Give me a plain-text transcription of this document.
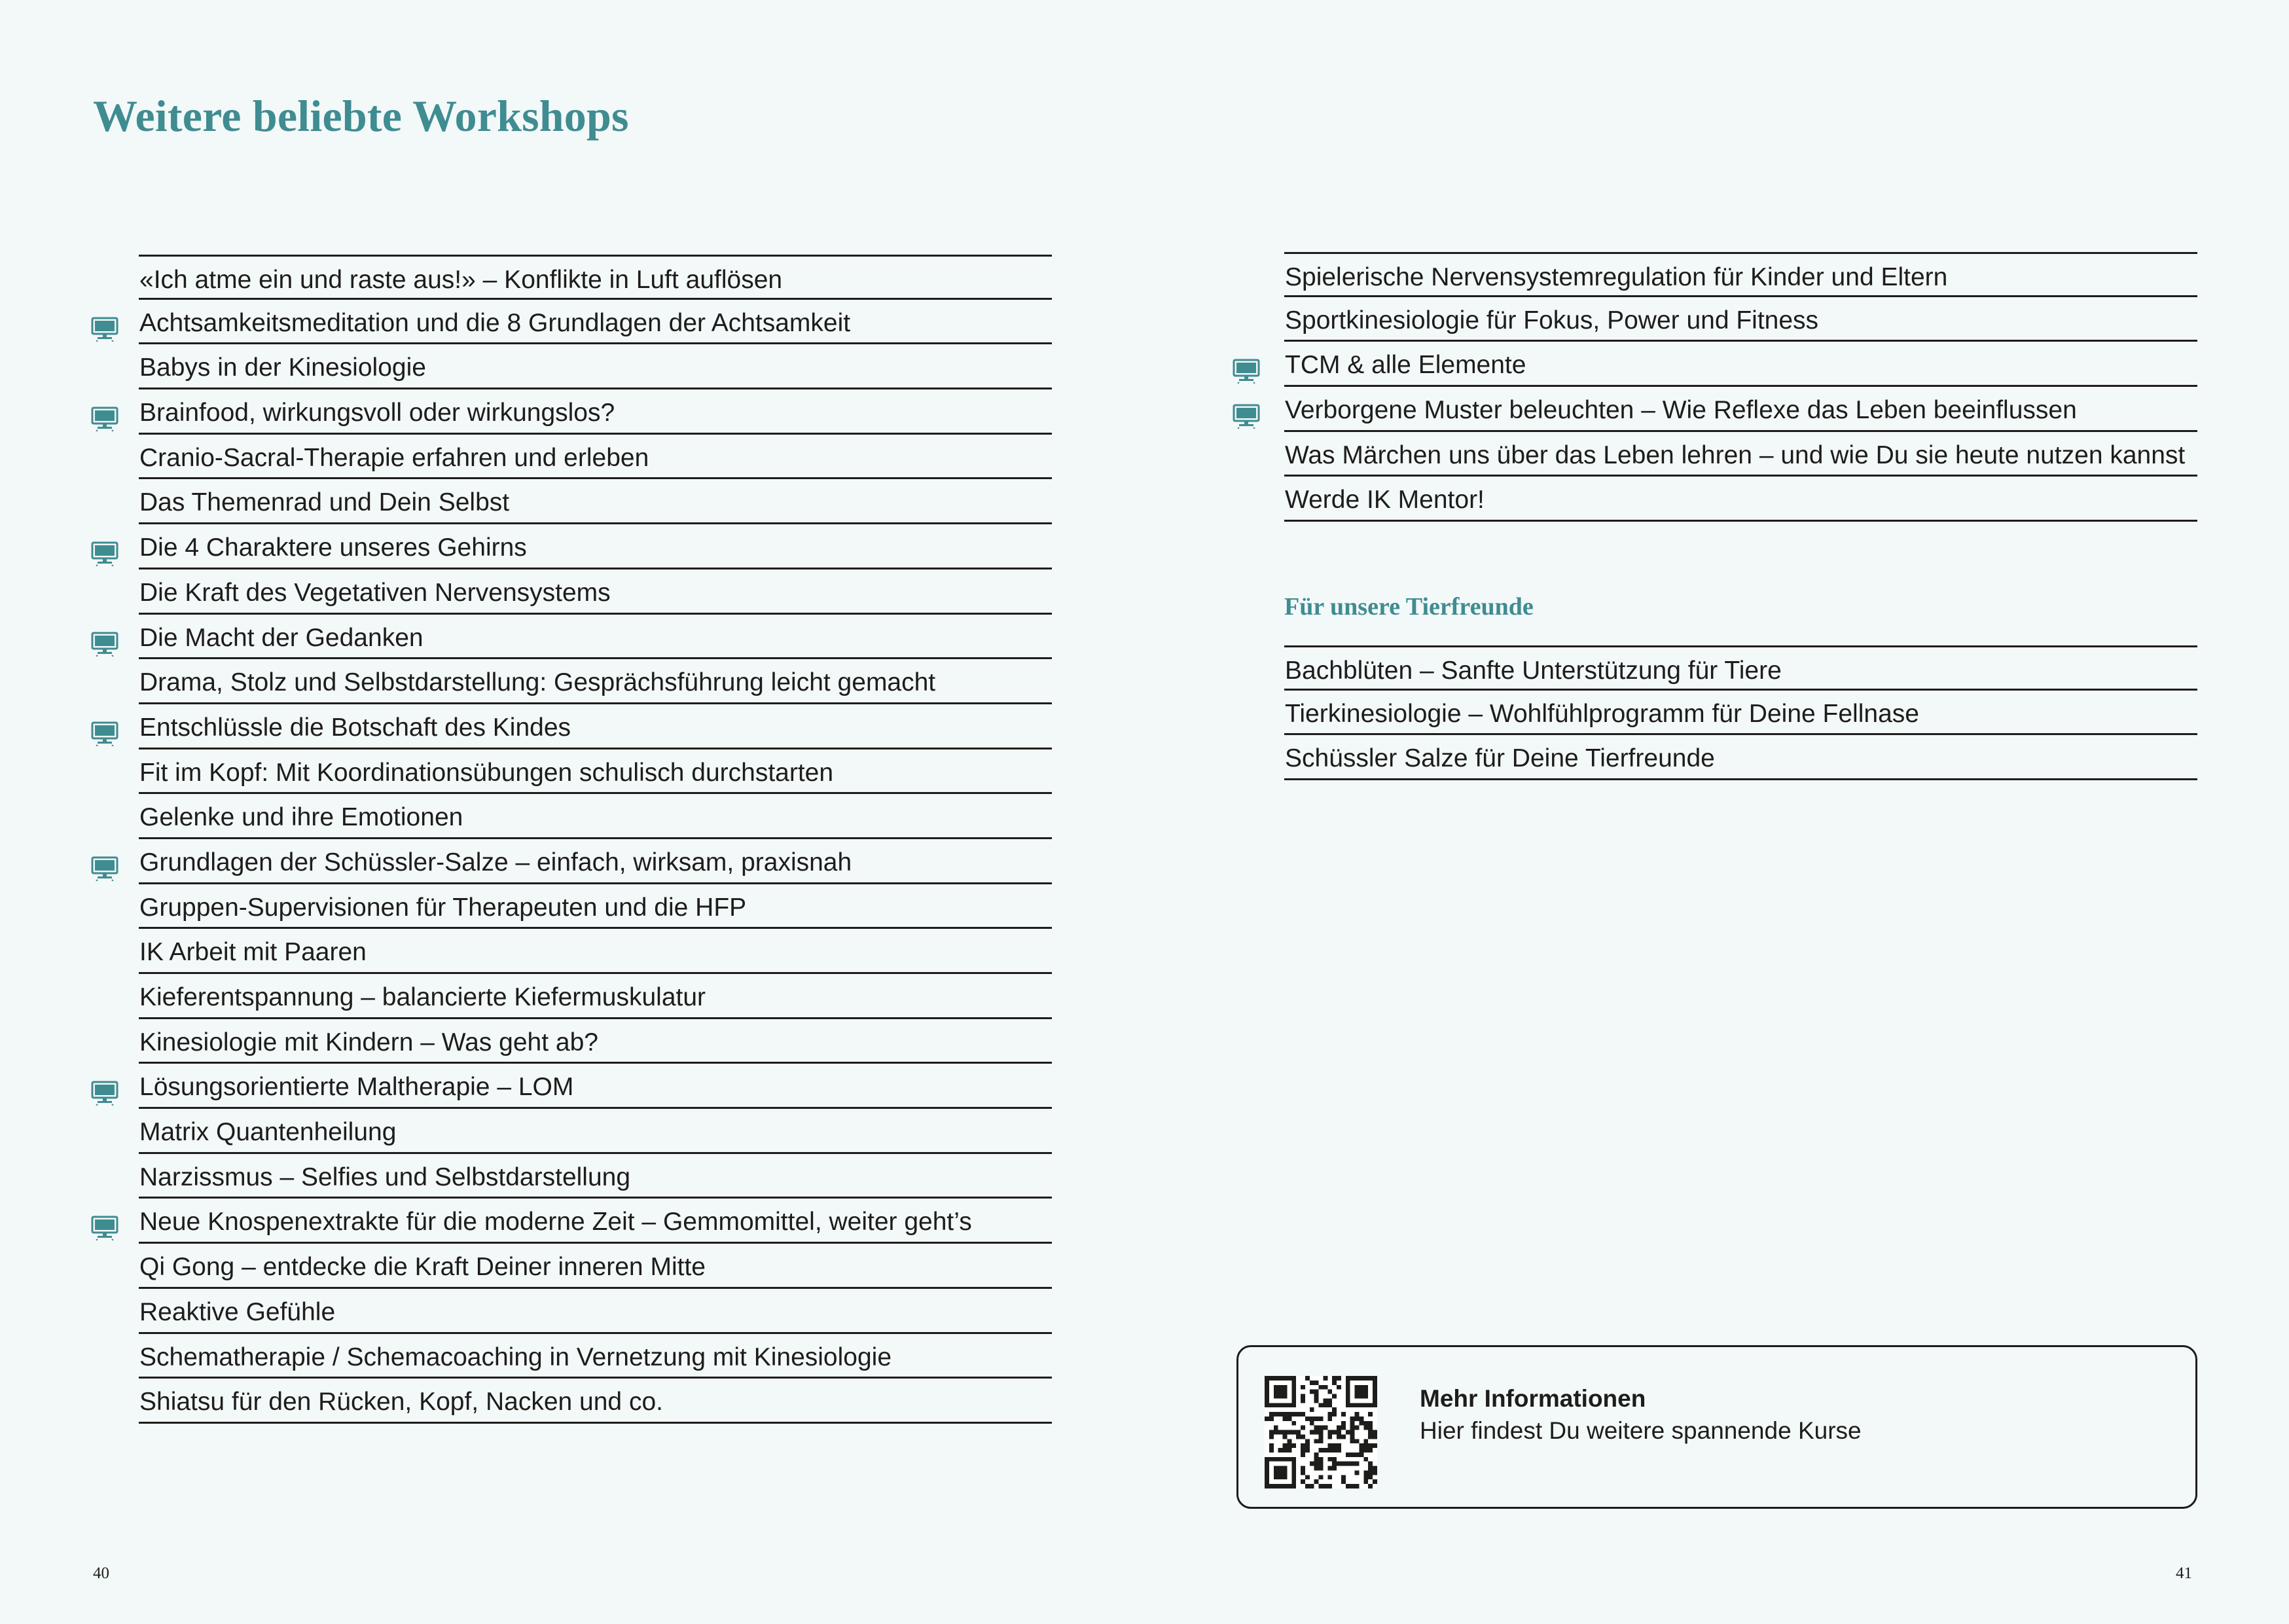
Weitere beliebte Workshops
«Ich atme ein und raste aus!» – Konflikte in Luft auflösen
Achtsamkeitsmeditation und die 8 Grundlagen der Achtsamkeit
Babys in der Kinesiologie
Brainfood, wirkungsvoll oder wirkungslos?
Cranio-Sacral-Therapie erfahren und erleben
Das Themenrad und Dein Selbst
Die 4 Charaktere unseres Gehirns
Die Kraft des Vegetativen Nervensystems
Die Macht der Gedanken
Drama, Stolz und Selbstdarstellung: Gesprächsführung leicht gemacht
Entschlüssle die Botschaft des Kindes
Fit im Kopf: Mit Koordinationsübungen schulisch durchstarten
Gelenke und ihre Emotionen
Grundlagen der Schüssler-Salze – einfach, wirksam, praxisnah
Gruppen-Supervisionen für Therapeuten und die HFP
IK Arbeit mit Paaren
Kieferentspannung – balancierte Kiefermuskulatur
Kinesiologie mit Kindern – Was geht ab?
Lösungsorientierte Maltherapie – LOM
Matrix Quantenheilung
Narzissmus – Selfies und Selbstdarstellung
Neue Knospenextrakte für die moderne Zeit – Gemmomittel, weiter geht’s
Qi Gong – entdecke die Kraft Deiner inneren Mitte
Reaktive Gefühle
Schematherapie / Schemacoaching in Vernetzung mit Kinesiologie
Shiatsu für den Rücken, Kopf, Nacken und co.
Spielerische Nervensystemregulation für Kinder und Eltern
Sportkinesiologie für Fokus, Power und Fitness
TCM & alle Elemente
Verborgene Muster beleuchten – Wie Reflexe das Leben beeinflussen
Was Märchen uns über das Leben lehren – und wie Du sie heute nutzen kannst
Werde IK Mentor!
Für unsere Tierfreunde
Bachblüten – Sanfte Unterstützung für Tiere
Tierkinesiologie – Wohlfühlprogramm für Deine Fellnase
Schüssler Salze für Deine Tierfreunde
Mehr Informationen
Hier findest Du weitere spannende Kurse
40	41
